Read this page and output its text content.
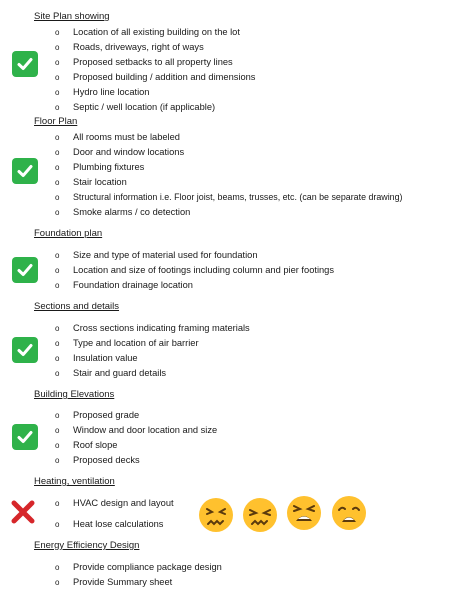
Site Plan showing
o Location of all existing building on the lot
o Roads, driveways, right of ways
o Proposed setbacks to all property lines
o Proposed building / addition and dimensions
o Hydro line location
o Septic / well location (if applicable)
Floor Plan
o All rooms must be labeled
o Door and window locations
o Plumbing fixtures
o Stair location
o Structural information i.e. Floor joist, beams, trusses, etc. (can be separate drawing)
o Smoke alarms / co detection
Foundation plan
o Size and type of material used for foundation
o Location and size of footings including column and pier footings
o Foundation drainage location
Sections and details
o Cross sections indicating framing materials
o Type and location of air barrier
o Insulation value
o Stair and guard details
Building Elevations
o Proposed grade
o Window and door location and size
o Roof slope
o Proposed decks
Heating, ventilation
o HVAC design and layout
o Heat lose calculations
Energy Efficiency Design
o Provide compliance package design
o Provide Summary sheet
